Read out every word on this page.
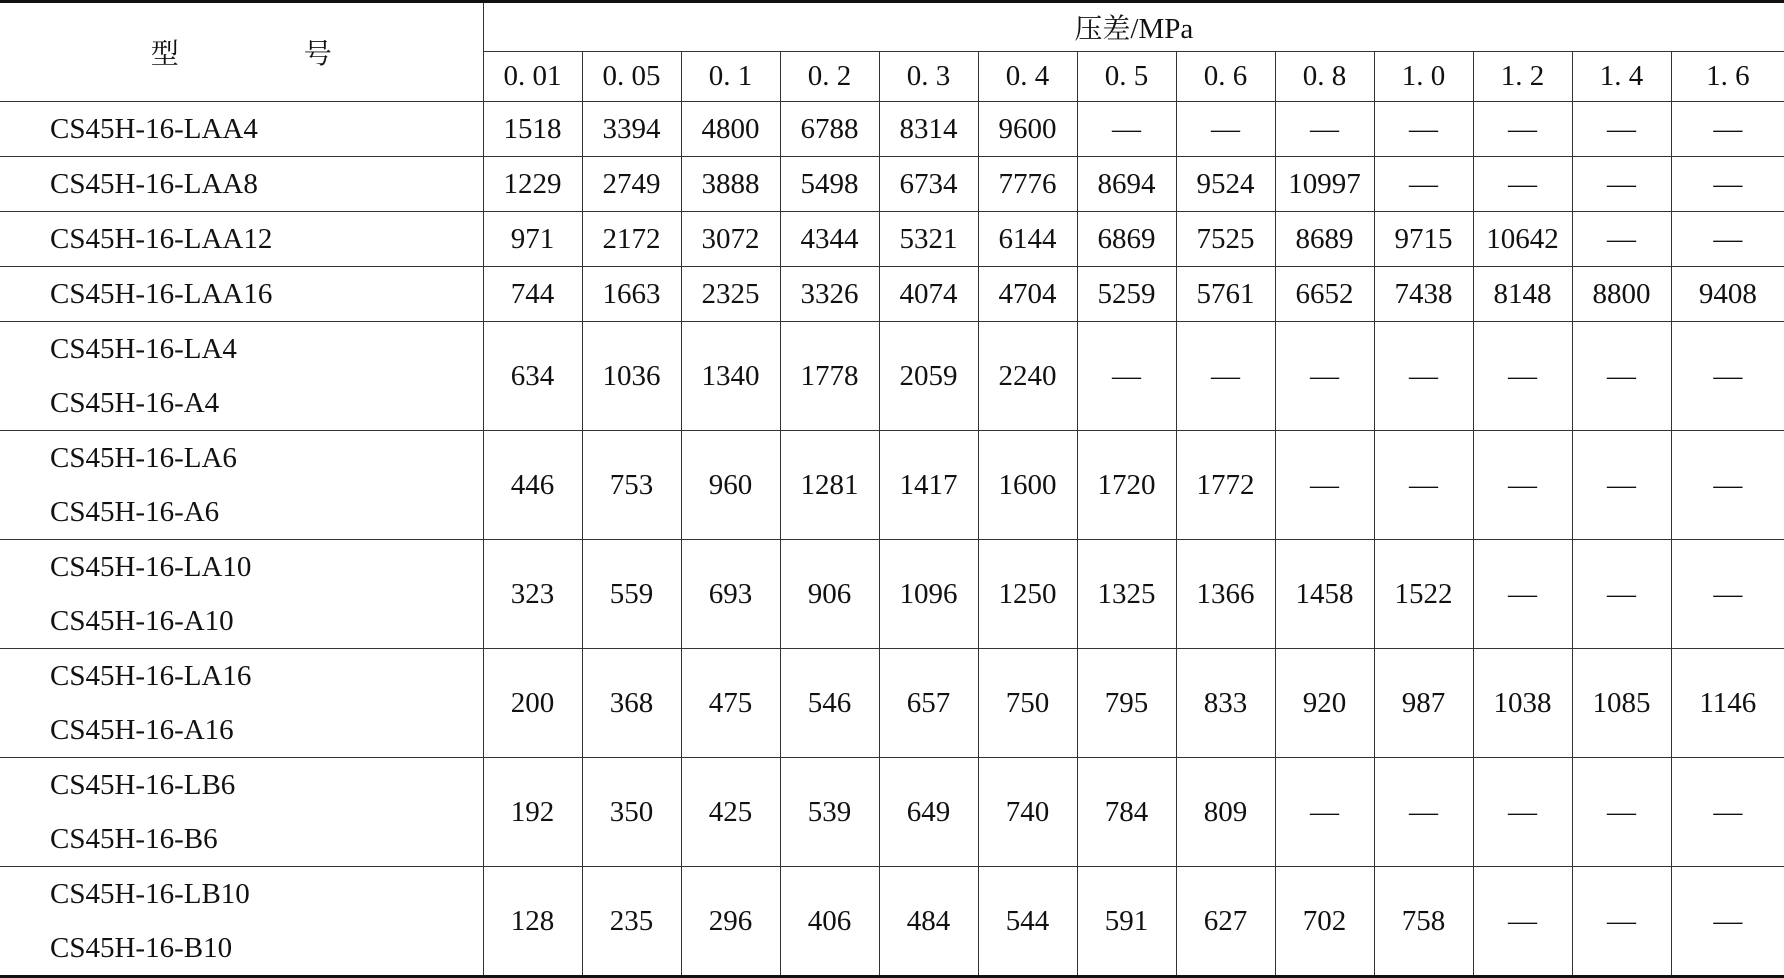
型 号	压差/MPa												
	0. 01	0. 05	0. 1	0. 2	0. 3	0. 4	0. 5	0. 6	0. 8	1. 0	1. 2	1. 4	1. 6

CS45H-16-LAA4	1518	3394	4800	6788	8314	9600	—	—	—	—	—	—	—

CS45H-16-LAA8	1229	2749	3888	5498	6734	7776	8694	9524	10997	—	—	—	—

CS45H-16-LAA12	971	2172	3072	4344	5321	6144	6869	7525	8689	9715	10642	—	—

CS45H-16-LAA16	744	1663	2325	3326	4074	4704	5259	5761	6652	7438	8148	8800	9408

CS45H-16-LA4
CS45H-16-A4	634	1036	1340	1778	2059	2240	—	—	—	—	—	—	—

CS45H-16-LA6
CS45H-16-A6	446	753	960	1281	1417	1600	1720	1772	—	—	—	—	—

CS45H-16-LA10
CS45H-16-A10	323	559	693	906	1096	1250	1325	1366	1458	1522	—	—	—

CS45H-16-LA16
CS45H-16-A16	200	368	475	546	657	750	795	833	920	987	1038	1085	1146

CS45H-16-LB6
CS45H-16-B6	192	350	425	539	649	740	784	809	—	—	—	—	—

CS45H-16-LB10
CS45H-16-B10	128	235	296	406	484	544	591	627	702	758	—	—	—
